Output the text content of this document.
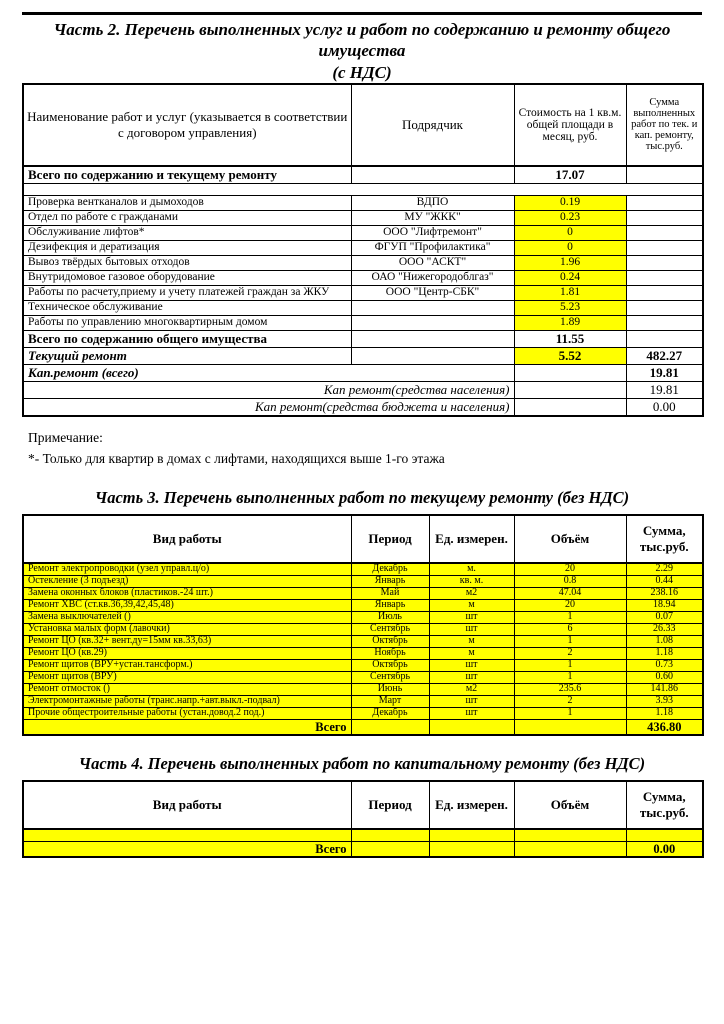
Часть 2. Перечень выполненных услуг и работ по содержанию и ремонту общего имущества
(с НДС)
Наименование работ и услуг (указывается в соответствии с договором управления)	Подрядчик	Стоимость на 1 кв.м. общей площади в месяц, руб.	Сумма выполненных работ по тек. и кап. ремонту, тыс.руб.
Всего по содержанию и текущему ремонту		17.07	

Проверка вентканалов и дымоходов	ВДПО	0.19	
Отдел по работе с гражданами	МУ "ЖКК"	0.23	
Обслуживание лифтов*	ООО "Лифтремонт"	0	
Дезифекция и дератизация	ФГУП "Профилактика"	0	
Вывоз твёрдых бытовых отходов	ООО "АСКТ"	1.96	
Внутридомовое газовое оборудование	ОАО "Нижегородоблгаз"	0.24	
Работы по расчету,приему и учету платежей граждан за ЖКУ	ООО "Центр-СБК"	1.81	
Техническое обслуживание		5.23	
Работы по управлению многоквартирным домом		1.89	
Всего по содержанию общего имущества		11.55	
Текущий ремонт		5.52	482.27
Кап.ремонт (всего)			19.81
Кап ремонт(средства населения)			19.81
Кап ремонт(средства бюджета и населения)			0.00
Примечание:
*- Только для квартир в домах с лифтами, находящихся выше 1-го этажа
Часть 3. Перечень выполненных работ по текущему ремонту (без НДС)
Вид работы	Период	Ед. измерен.	Объём	Сумма, тыс.руб.
Ремонт электропроводки (узел управл.ц/о)	Декабрь	м.	20	2.29
Остекление (3 подъезд)	Январь	кв. м.	0.8	0.44
Замена оконных блоков (пластиков.-24 шт.)	Май	м2	47.04	238.16
Ремонт ХВС (ст.кв.36,39,42,45,48)	Январь	м	20	18.94
Замена выключателей ()	Июль	шт	1	0.07
Установка малых форм (лавочки)	Сентябрь	шт	6	26.33
Ремонт ЦО (кв.32+ вент.ду=15мм кв.33,63)	Октябрь	м	1	1.08
Ремонт ЦО (кв.29)	Ноябрь	м	2	1.18
Ремонт щитов (ВРУ+устан.тансформ.)	Октябрь	шт	1	0.73
Ремонт щитов (ВРУ)	Сентябрь	шт	1	0.60
Ремонт отмосток ()	Июнь	м2	235.6	141.86
Электромонтажные работы (транс.напр.+авт.выкл.-подвал)	Март	шт	2	3.93
Прочие общестроительные работы (устан.довод.2 под.)	Декабрь	шт	1	1.18
Всего				436.80
Часть 4. Перечень выполненных работ по капитальному ремонту (без НДС)
Вид работы	Период	Ед. измерен.	Объём	Сумма, тыс.руб.

Всего				0.00
